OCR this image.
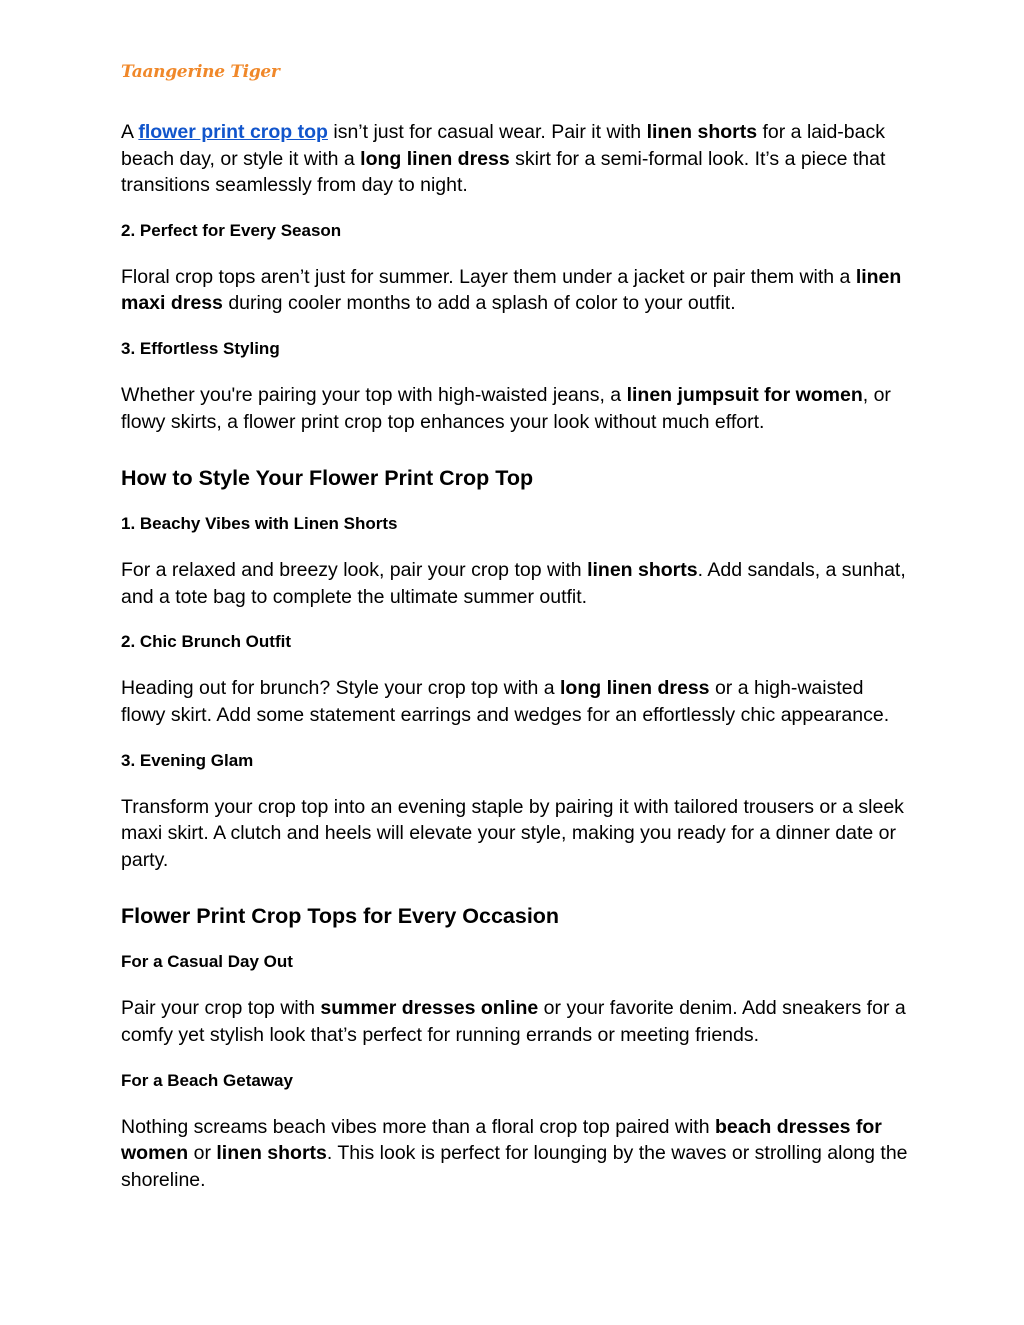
Taangerine Tiger

A flower print crop top isn’t just for casual wear. Pair it with linen shorts for a laid-back beach day, or style it with a long linen dress skirt for a semi-formal look. It’s a piece that transitions seamlessly from day to night.

2. Perfect for Every Season

Floral crop tops aren’t just for summer. Layer them under a jacket or pair them with a linen maxi dress during cooler months to add a splash of color to your outfit.

3. Effortless Styling

Whether you're pairing your top with high-waisted jeans, a linen jumpsuit for women, or flowy skirts, a flower print crop top enhances your look without much effort.

How to Style Your Flower Print Crop Top
1. Beachy Vibes with Linen Shorts

For a relaxed and breezy look, pair your crop top with linen shorts. Add sandals, a sunhat, and a tote bag to complete the ultimate summer outfit.

2. Chic Brunch Outfit

Heading out for brunch? Style your crop top with a long linen dress or a high-waisted flowy skirt. Add some statement earrings and wedges for an effortlessly chic appearance.

3. Evening Glam

Transform your crop top into an evening staple by pairing it with tailored trousers or a sleek maxi skirt. A clutch and heels will elevate your style, making you ready for a dinner date or party.

Flower Print Crop Tops for Every Occasion
For a Casual Day Out

Pair your crop top with summer dresses online or your favorite denim. Add sneakers for a comfy yet stylish look that’s perfect for running errands or meeting friends.

For a Beach Getaway

Nothing screams beach vibes more than a floral crop top paired with beach dresses for women or linen shorts. This look is perfect for lounging by the waves or strolling along the shoreline.
